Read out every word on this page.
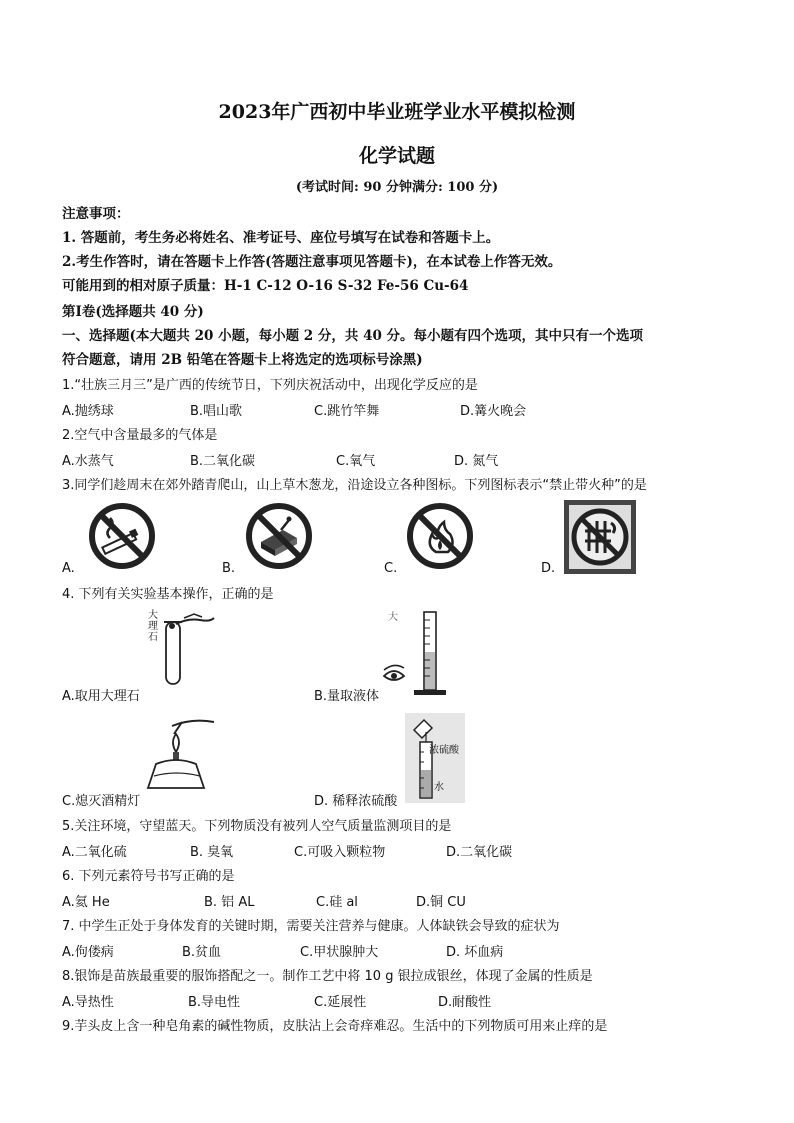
2023年广西初中毕业班学业水平模拟检测
化学试题
(考试时间: 90 分钟满分: 100 分)
注意事项：
1. 答题前，考生务必将姓名、准考证号、座位号填写在试卷和答题卡上。
2.考生作答时，请在答题卡上作答(答题注意事项见答题卡)，在本试卷上作答无效。
可能用到的相对原子质量：H-1 C-12 O-16 S-32 Fe-56 Cu-64
第Ⅰ卷(选择题共 40 分)
一、选择题(本大题共 20 小题，每小题 2 分，共 40 分。每小题有四个选项，其中只有一个选项
符合题意，请用 2B 铅笔在答题卡上将选定的选项标号涂黑)
1.“壮族三月三”是广西的传统节日，下列庆祝活动中，出现化学反应的是
A.抛绣球	B.唱山歌	C.跳竹竿舞	D.篝火晚会
2.空气中含量最多的气体是
A.水蒸气	B.二氧化碳	C.氧气	D. 氮气
3.同学们趁周末在郊外踏青爬山，山上草木葱龙，沿途设立各种图标。下列图标表示“禁止带火种”的是
A.	B.	C.	D.
4. 下列有关实验基本操作，正确的是
大理石
大
A.取用大理石	B.量取液体
浓硫酸
水
C.熄灭酒精灯	D. 稀释浓硫酸
5.关注环境，守望蓝天。下列物质没有被列人空气质量监测项目的是
A.二氧化硫	B. 臭氧	C.可吸入颗粒物	D.二氧化碳
6. 下列元素符号书写正确的是
A.氦 He	B. 铝 AL	C.硅 al	D.铜 CU
7. 中学生正处于身体发育的关键时期，需要关注营养与健康。人体缺铁会导致的症状为
A.佝偻病	B.贫血	C.甲状腺肿大	D. 坏血病
8.银饰是苗族最重要的服饰搭配之一。制作工艺中将 10 g 银拉成银丝，体现了金属的性质是
A.导热性	B.导电性	C.延展性	D.耐酸性
9.芋头皮上含一种皂角素的碱性物质，皮肤沾上会奇痒难忍。生活中的下列物质可用来止痒的是
